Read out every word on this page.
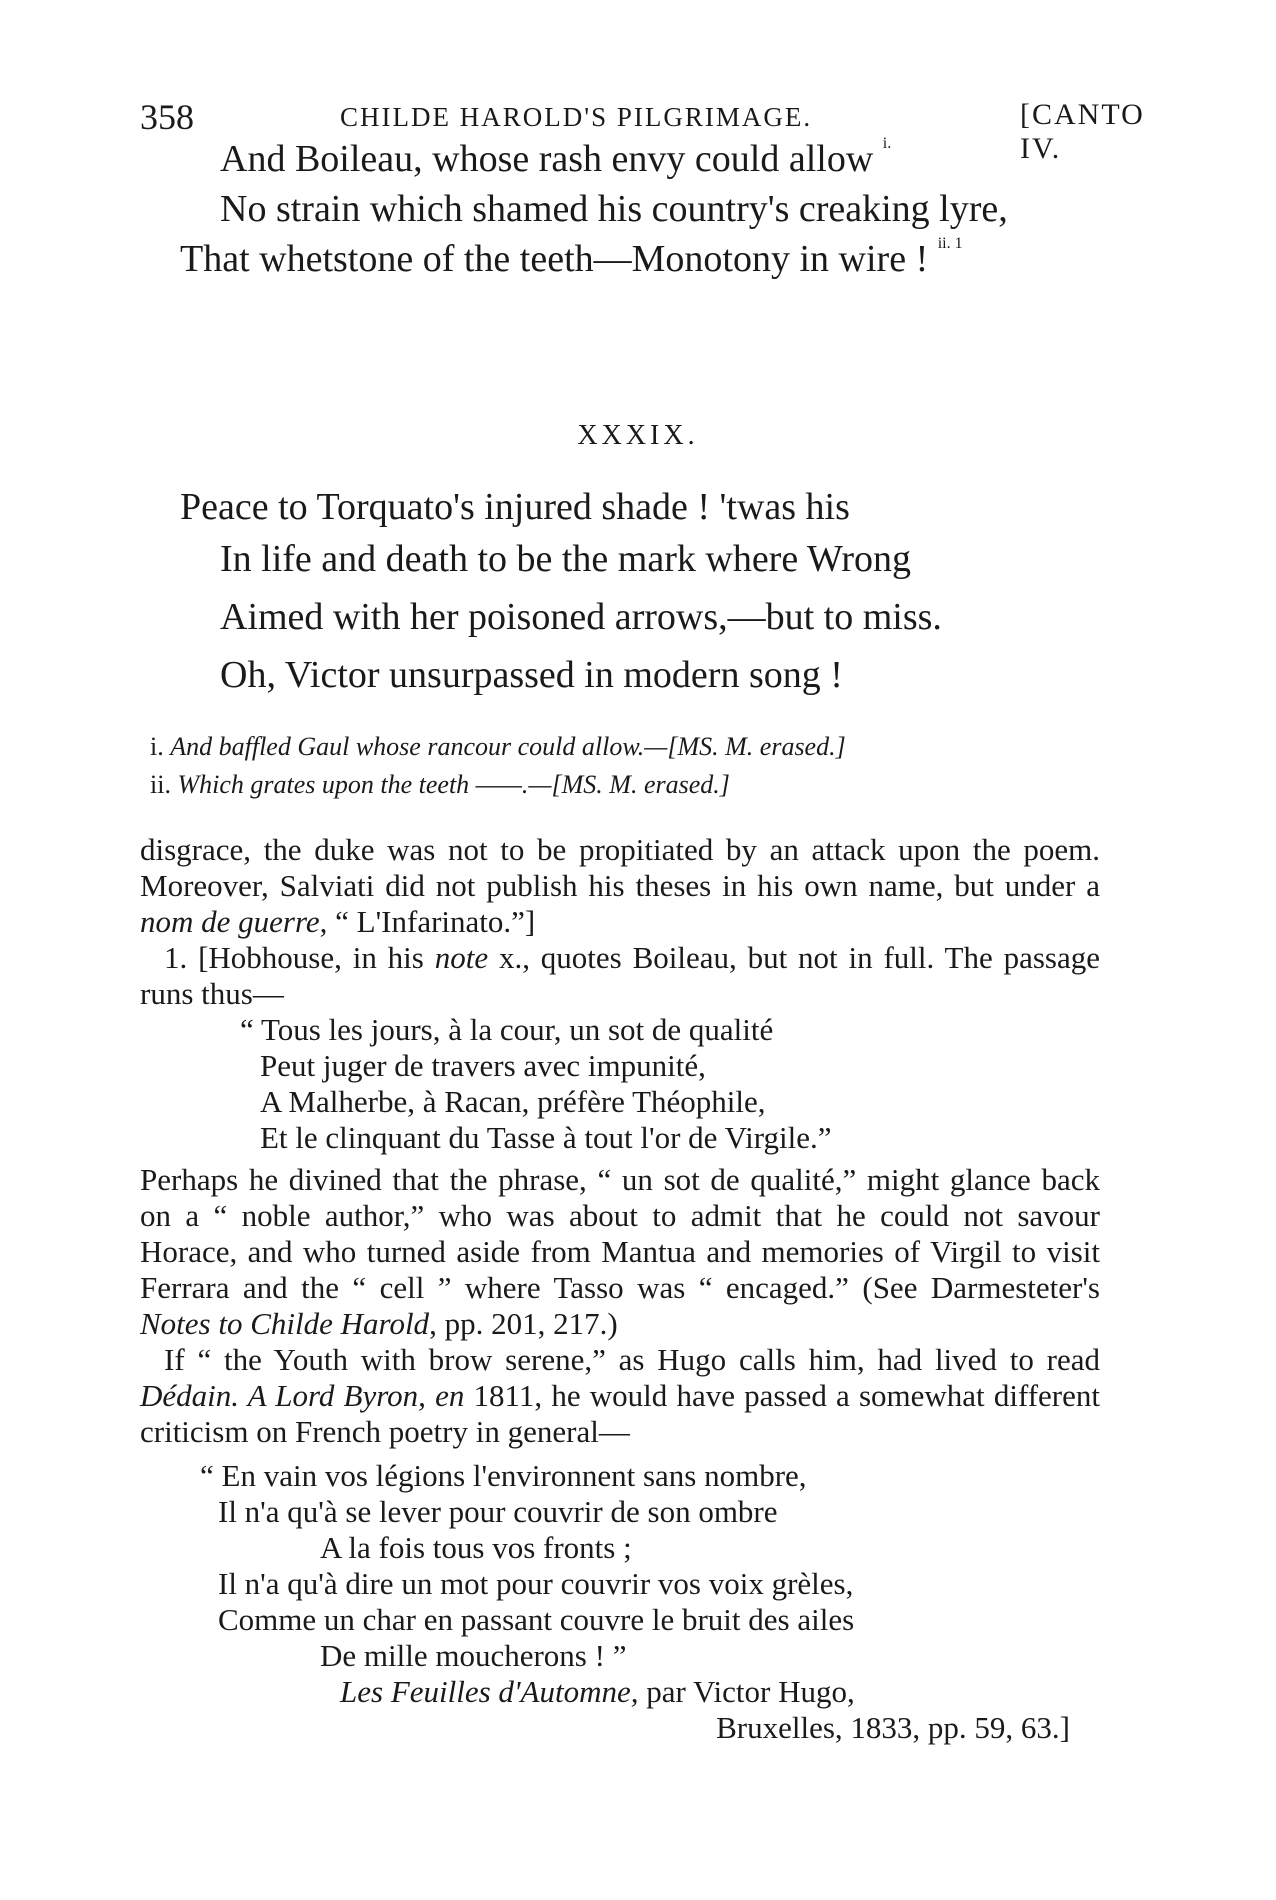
358	CHILDE HAROLD'S PILGRIMAGE.	[CANTO IV.
And Boileau, whose rash envy could allow $^{i.}$
No strain which shamed his country's creaking lyre,
That whetstone of the teeth—Monotony in wire ! $^{ii. 1}$
XXXIX.
Peace to Torquato's injured shade ! 'twas his
In life and death to be the mark where Wrong
Aimed with her poisoned arrows,—but to miss.
Oh, Victor unsurpassed in modern song !
i. And baffled Gaul whose rancour could allow.—[MS. M. erased.]
ii. Which grates upon the teeth ——.—[MS. M. erased.]

disgrace, the duke was not to be propitiated by an attack upon the poem. Moreover, Salviati did not publish his theses in his own name, but under a nom de guerre, “ L'Infarinato.”]

1. [Hobhouse, in his note x., quotes Boileau, but not in full. The passage runs thus—

“ Tous les jours, à la cour, un sot de qualité
Peut juger de travers avec impunité,
A Malherbe, à Racan, préfère Théophile,
Et le clinquant du Tasse à tout l'or de Virgile.”

Perhaps he divined that the phrase, “ un sot de qualité,” might glance back on a “ noble author,” who was about to admit that he could not savour Horace, and who turned aside from Mantua and memories of Virgil to visit Ferrara and the “ cell ” where Tasso was “ encaged.” (See Darmesteter's Notes to Childe Harold, pp. 201, 217.)

If “ the Youth with brow serene,” as Hugo calls him, had lived to read Dédain. A Lord Byron, en 1811, he would have passed a somewhat different criticism on French poetry in general—

“ En vain vos légions l'environnent sans nombre,
Il n'a qu'à se lever pour couvrir de son ombre
A la fois tous vos fronts ;
Il n'a qu'à dire un mot pour couvrir vos voix grèles,
Comme un char en passant couvre le bruit des ailes
De mille moucherons ! ”
Les Feuilles d'Automne, par Victor Hugo,
Bruxelles, 1833, pp. 59, 63.]
